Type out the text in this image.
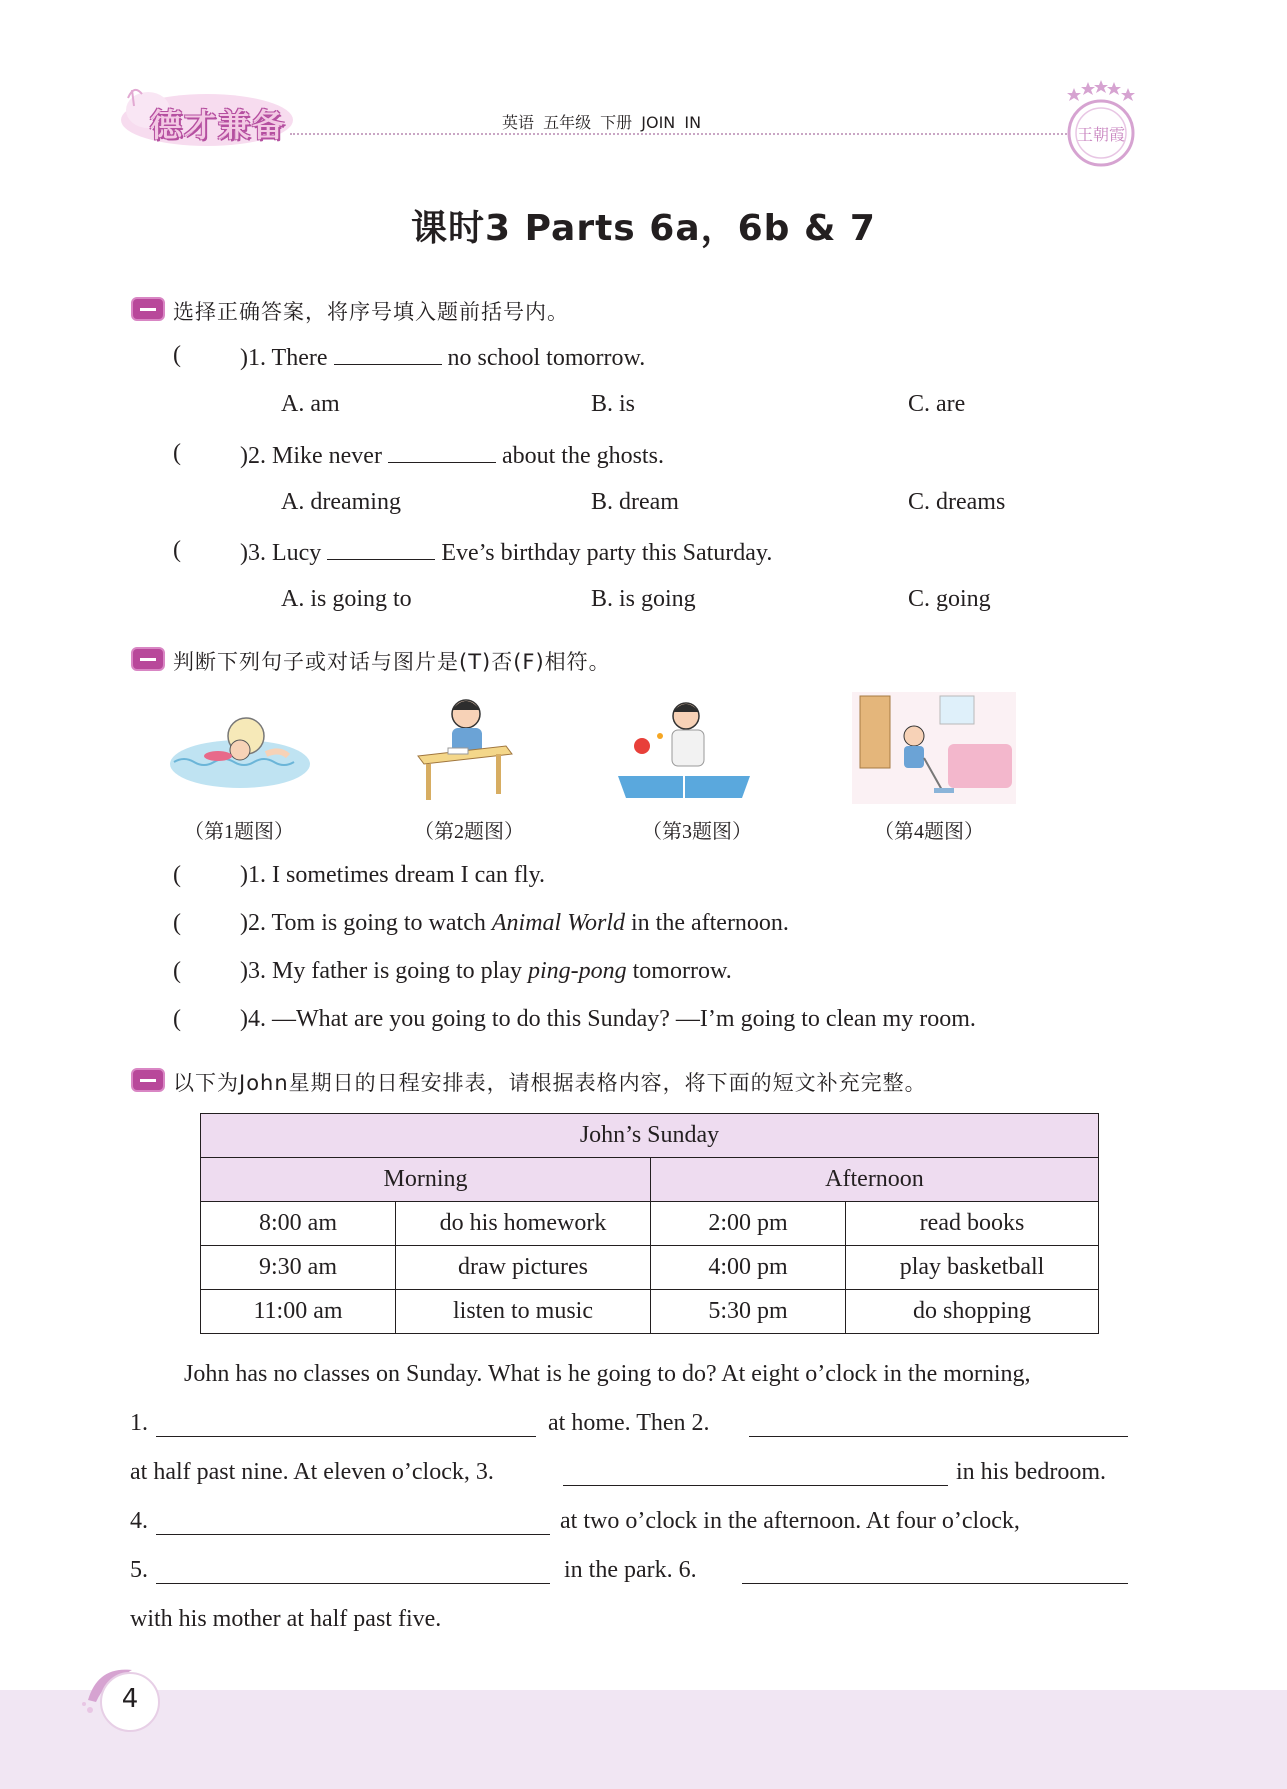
德才兼备	英语 五年级 下册 JOIN IN
王朝霞
课时3 Parts 6a，6b & 7
选择正确答案，将序号填入题前括号内。
( )1. There	no school tomorrow.
A. am	B. is	C. are
( )2. Mike never	about the ghosts.
A. dreaming	B. dream	C. dreams
( )3. Lucy	Eve’s birthday party this Saturday.
A. is going to	B. is going	C. going
判断下列句子或对话与图片是(T)否(F)相符。
（第1题图）	（第2题图）	（第3题图）	（第4题图）
( )1. I sometimes dream I can fly.
( )2. Tom is going to watch Animal World in the afternoon.
( )3. My father is going to play ping-pong tomorrow.
( )4. —What are you going to do this Sunday? —I’m going to clean my room.
以下为John星期日的日程安排表，请根据表格内容，将下面的短文补充完整。
John’s Sunday			
Morning		Afternoon	
8:00 am	do his homework	2:00 pm	read books
9:30 am	draw pictures	4:00 pm	play basketball
11:00 am	listen to music	5:30 pm	do shopping
John has no classes on Sunday. What is he going to do? At eight o’clock in the morning,
1.	at home. Then 2.
at half past nine. At eleven o’clock, 3.	in his bedroom.
4.	at two o’clock in the afternoon. At four o’clock,
5.	in the park. 6.
with his mother at half past five.
4
